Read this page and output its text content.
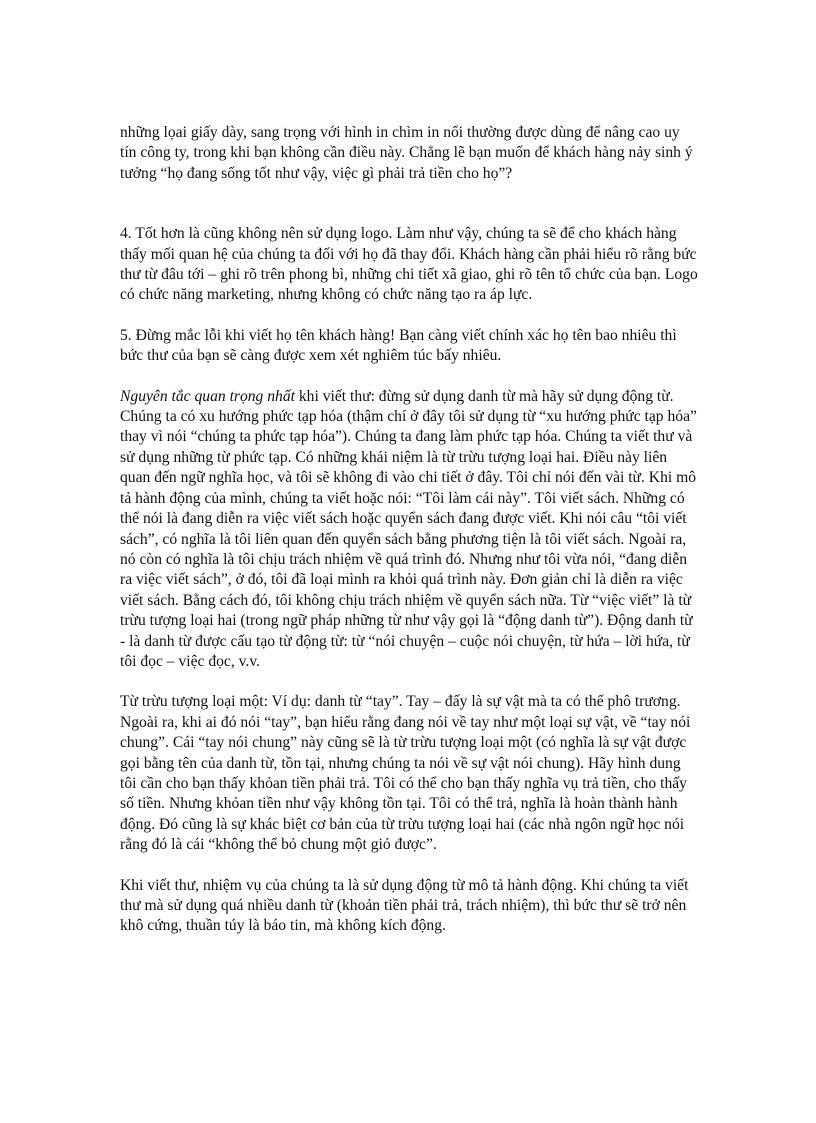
những lọai giấy dày, sang trọng với hình in chìm in nổi thường được dùng để nâng cao uy tín công ty, trong khi bạn không cần điều này. Chẳng lẽ bạn muốn để khách hàng nảy sinh ý tưởng “họ đang sống tốt như vậy, việc gì phải trả tiền cho họ”?

4. Tốt hơn là cũng không nên sử dụng logo. Làm như vậy, chúng ta sẽ để cho khách hàng thấy mối quan hệ của chúng ta đối với họ đã thay đổi. Khách hàng cần phải hiểu rõ rằng bức thư từ đâu tới – ghi rõ trên phong bì, những chi tiết xã giao, ghi rõ tên tổ chức của bạn. Logo có chức năng marketing, nhưng không có chức năng tạo ra áp lực.

5. Đừng mắc lỗi khi viết họ tên khách hàng! Bạn càng viết chính xác họ tên bao nhiêu thì bức thư của bạn sẽ càng được xem xét nghiêm túc bấy nhiêu.

Nguyên tắc quan trọng nhất khi viết thư: đừng sử dụng danh từ mà hãy sử dụng động từ. Chúng ta có xu hướng phức tạp hóa (thậm chí ở đây tôi sử dụng từ “xu hướng phức tạp hóa” thay vì nói “chúng ta phức tạp hóa”). Chúng ta đang làm phức tạp hóa. Chúng ta viết thư và sử dụng những từ phức tạp. Có những khái niệm là từ trừu tượng loại hai. Điều này liên quan đến ngữ nghĩa học, và tôi sẽ không đi vào chi tiết ở đây. Tôi chỉ nói đến vài từ. Khi mô tả hành động của mình, chúng ta viết hoặc nói: “Tôi làm cái này”. Tôi viết sách. Những có thể nói là đang diễn ra việc viết sách hoặc quyển sách đang được viết. Khi nói câu “tôi viết sách”, có nghĩa là tôi liên quan đến quyển sách bằng phương tiện là tôi viết sách. Ngoài ra, nó còn có nghĩa là tôi chịu trách nhiệm về quá trình đó. Nhưng như tôi vừa nói, “đang diễn ra việc viết sách”, ở đó, tôi đã loại mình ra khỏi quá trình này. Đơn giản chỉ là diễn ra việc viết sách. Bằng cách đó, tôi không chịu trách nhiệm về quyển sách nữa. Từ “việc viết” là từ trừu tượng loại hai (trong ngữ pháp những từ như vậy gọi là “động danh từ”). Động danh từ - là danh từ được cấu tạo từ động từ: từ “nói chuyện – cuộc nói chuyện, từ hứa – lời hứa, từ tôi đọc – việc đọc, v.v.

Từ trừu tượng loại một: Ví dụ: danh từ “tay”. Tay – đấy là sự vật mà ta có thể phô trương. Ngoài ra, khi ai đó nói “tay”, bạn hiểu rằng đang nói về tay như một loại sự vật, về “tay nói chung”. Cái “tay nói chung” này cũng sẽ là từ trừu tượng loại một (có nghĩa là sự vật được gọi bằng tên của danh từ, tồn tại, nhưng chúng ta nói về sự vật nói chung). Hãy hình dung tôi cần cho bạn thấy khỏan tiền phải trả. Tôi có thể cho bạn thấy nghĩa vụ trả tiền, cho thấy số tiền. Nhưng khỏan tiền như vậy không tồn tại. Tôi có thể trả, nghĩa là hoàn thành hành động. Đó cũng là sự khác biệt cơ bản của từ trừu tượng loại hai (các nhà ngôn ngữ học nói rằng đó là cái “không thể bỏ chung một giỏ được”.

Khi viết thư, nhiệm vụ của chúng ta là sử dụng động từ mô tả hành động. Khi chúng ta viết thư mà sử dụng quá nhiều danh từ (khoản tiền phải trả, trách nhiệm), thì bức thư sẽ trở nên khô cứng, thuần túy là báo tin, mà không kích động.
